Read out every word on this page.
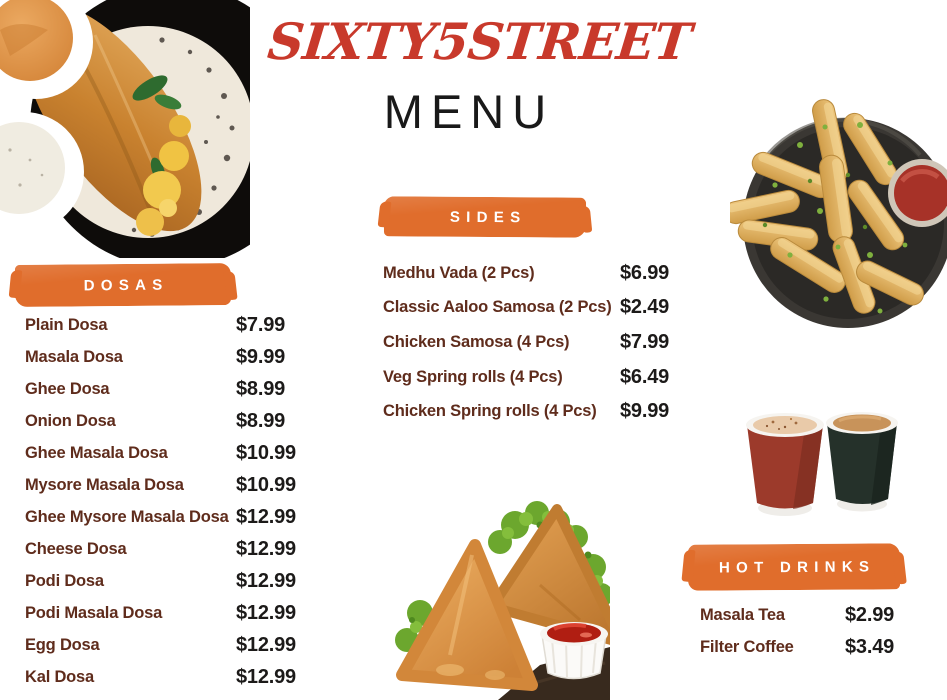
SIXTY5STREET
MENU
SIDES
Medhu Vada (2 Pcs)	$6.99
Classic Aaloo Samosa (2 Pcs) $2.49
Chicken Samosa (4 Pcs)	$7.99
Veg Spring rolls (4 Pcs)	$6.49
Chicken Spring rolls (4 Pcs)	$9.99
DOSAS
Plain Dosa	$7.99
Masala Dosa	$9.99
Ghee Dosa	$8.99
Onion Dosa	$8.99
Ghee Masala Dosa	$10.99
Mysore Masala Dosa	$10.99
Ghee Mysore Masala Dosa $12.99
Cheese Dosa	$12.99
Podi Dosa	$12.99
Podi Masala Dosa	$12.99
Egg Dosa	$12.99
Kal Dosa	$12.99
HOT DRINKS
Masala Tea	$2.99
Filter Coffee	$3.49
